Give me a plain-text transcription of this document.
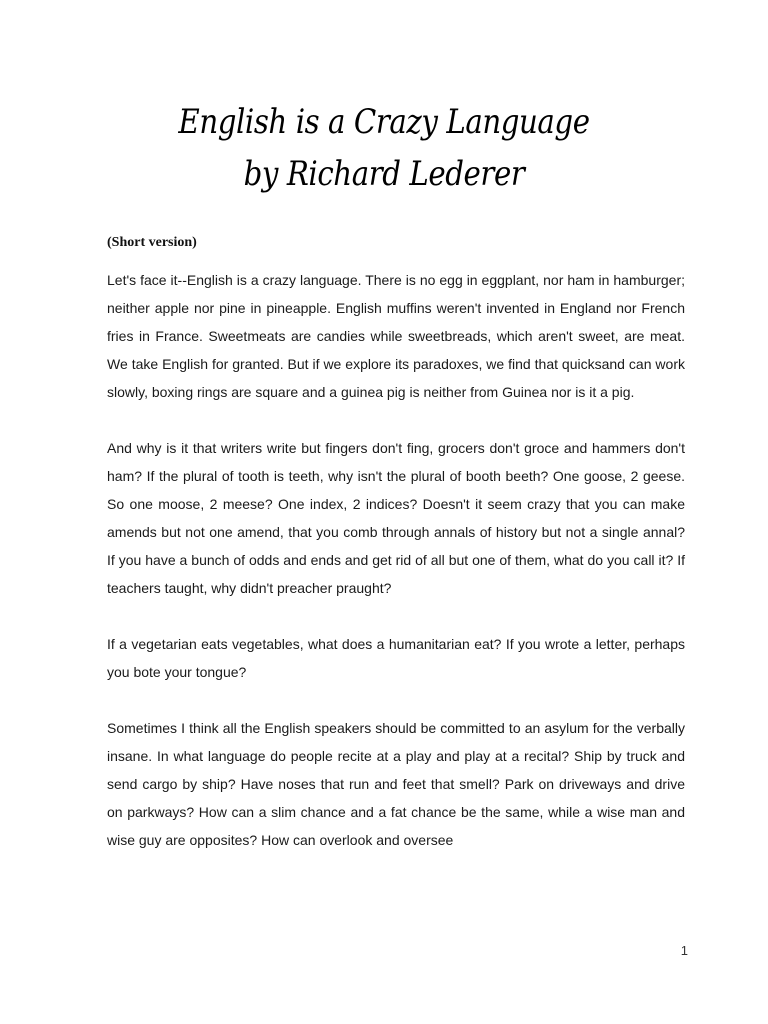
English is a Crazy Language
by Richard Lederer
(Short version)

Let's face it--English is a crazy language. There is no egg in eggplant, nor ham in hamburger; neither apple nor pine in pineapple. English muffins weren't invented in England nor French fries in France. Sweetmeats are candies while sweetbreads, which aren't sweet, are meat. We take English for granted. But if we explore its paradoxes, we find that quicksand can work slowly, boxing rings are square and a guinea pig is neither from Guinea nor is it a pig.

And why is it that writers write but fingers don't fing, grocers don't groce and hammers don't ham? If the plural of tooth is teeth, why isn't the plural of booth beeth? One goose, 2 geese. So one moose, 2 meese? One index, 2 indices? Doesn't it seem crazy that you can make amends but not one amend, that you comb through annals of history but not a single annal? If you have a bunch of odds and ends and get rid of all but one of them, what do you call it? If teachers taught, why didn't preacher praught?

If a vegetarian eats vegetables, what does a humanitarian eat? If you wrote a letter, perhaps you bote your tongue?

Sometimes I think all the English speakers should be committed to an asylum for the verbally insane. In what language do people recite at a play and play at a recital? Ship by truck and send cargo by ship? Have noses that run and feet that smell? Park on driveways and drive on parkways? How can a slim chance and a fat chance be the same, while a wise man and wise guy are opposites? How can overlook and oversee

1
